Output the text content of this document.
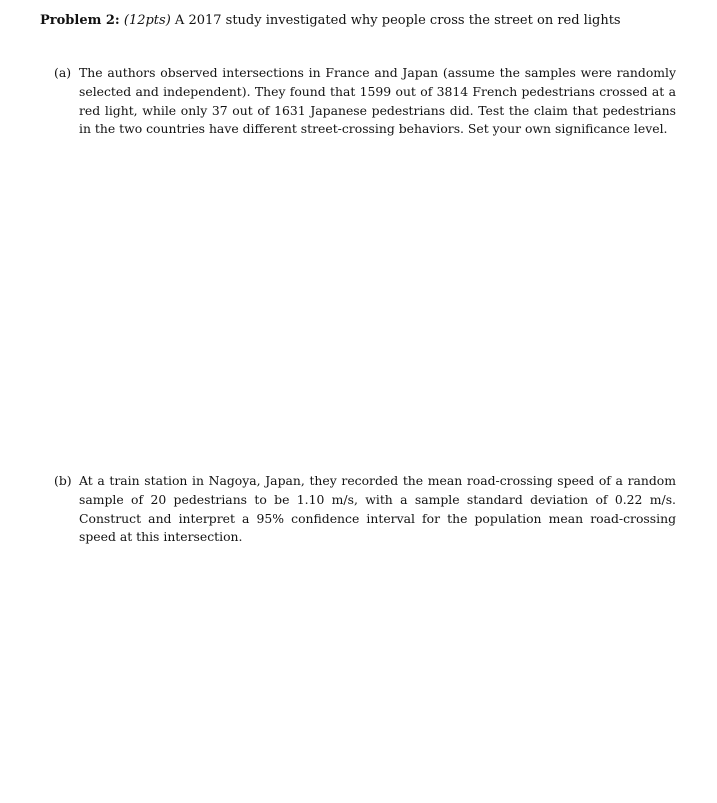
Problem 2: (12pts) A 2017 study investigated why people cross the street on red lights
(a) The authors observed intersections in France and Japan (assume the samples were randomly selected and independent). They found that 1599 out of 3814 French pedestrians crossed at a red light, while only 37 out of 1631 Japanese pedestrians did. Test the claim that pedestrians in the two countries have different street-crossing behaviors. Set your own significance level.
(b) At a train station in Nagoya, Japan, they recorded the mean road-crossing speed of a random sample of 20 pedestrians to be 1.10 m/s, with a sample standard deviation of 0.22 m/s. Construct and interpret a 95% confidence interval for the population mean road-crossing speed at this intersection.
